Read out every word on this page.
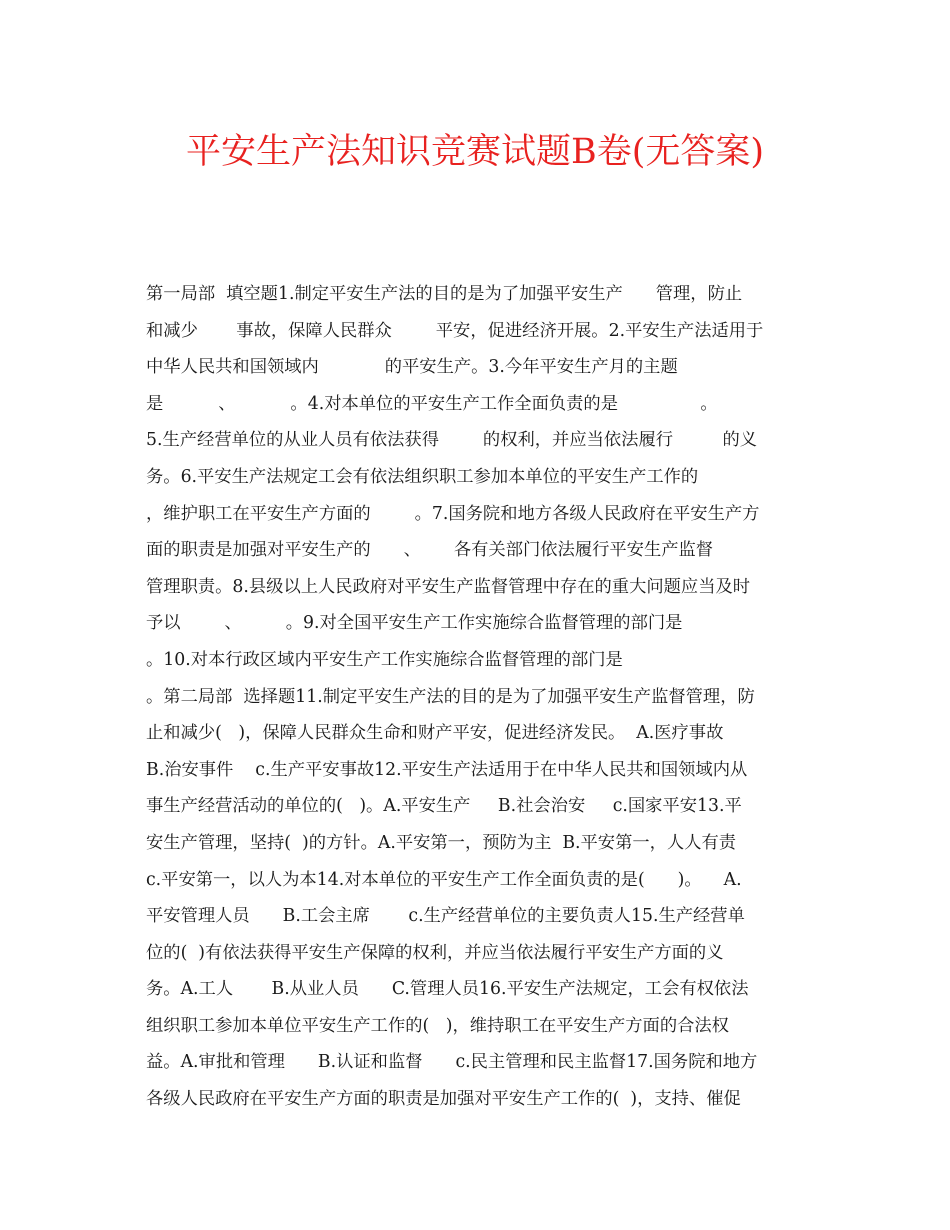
平安生产法知识竞赛试题B卷(无答案)
第一局部  填空题1.制定平安生产法的目的是为了加强平安生产      管理，防止
和减少       事故，保障人民群众        平安，促进经济开展。2.平安生产法适用于
中华人民共和国领域内            的平安生产。3.今年平安生产月的主题
是          、          。4.对本单位的平安生产工作全面负责的是               。
5.生产经营单位的从业人员有依法获得        的权利，并应当依法履行         的义
务。6.平安生产法规定工会有依法组织职工参加本单位的平安生产工作的
，维护职工在平安生产方面的        。7.国务院和地方各级人民政府在平安生产方
面的职责是加强对平安生产的      、      各有关部门依法履行平安生产监督
管理职责。8.县级以上人民政府对平安生产监督管理中存在的重大问题应当及时
予以        、        。9.对全国平安生产工作实施综合监督管理的部门是
。10.对本行政区域内平安生产工作实施综合监督管理的部门是
。第二局部  选择题11.制定平安生产法的目的是为了加强平安生产监督管理，防
止和减少(   )，保障人民群众生命和财产平安，促进经济发民。  A.医疗事故
B.治安事件    c.生产平安事故12.平安生产法适用于在中华人民共和国领域内从
事生产经营活动的单位的(   )。A.平安生产     B.社会治安     c.国家平安13.平
安生产管理，坚持(  )的方针。A.平安第一，预防为主  B.平安第一，人人有责
c.平安第一，以人为本14.对本单位的平安生产工作全面负责的是(      )。    A.
平安管理人员      B.工会主席       c.生产经营单位的主要负责人15.生产经营单
位的(  )有依法获得平安生产保障的权利，并应当依法履行平安生产方面的义
务。A.工人       B.从业人员      C.管理人员16.平安生产法规定，工会有权依法
组织职工参加本单位平安生产工作的(   )，维持职工在平安生产方面的合法权
益。A.审批和管理      B.认证和监督      c.民主管理和民主监督17.国务院和地方
各级人民政府在平安生产方面的职责是加强对平安生产工作的(  )，支持、催促
